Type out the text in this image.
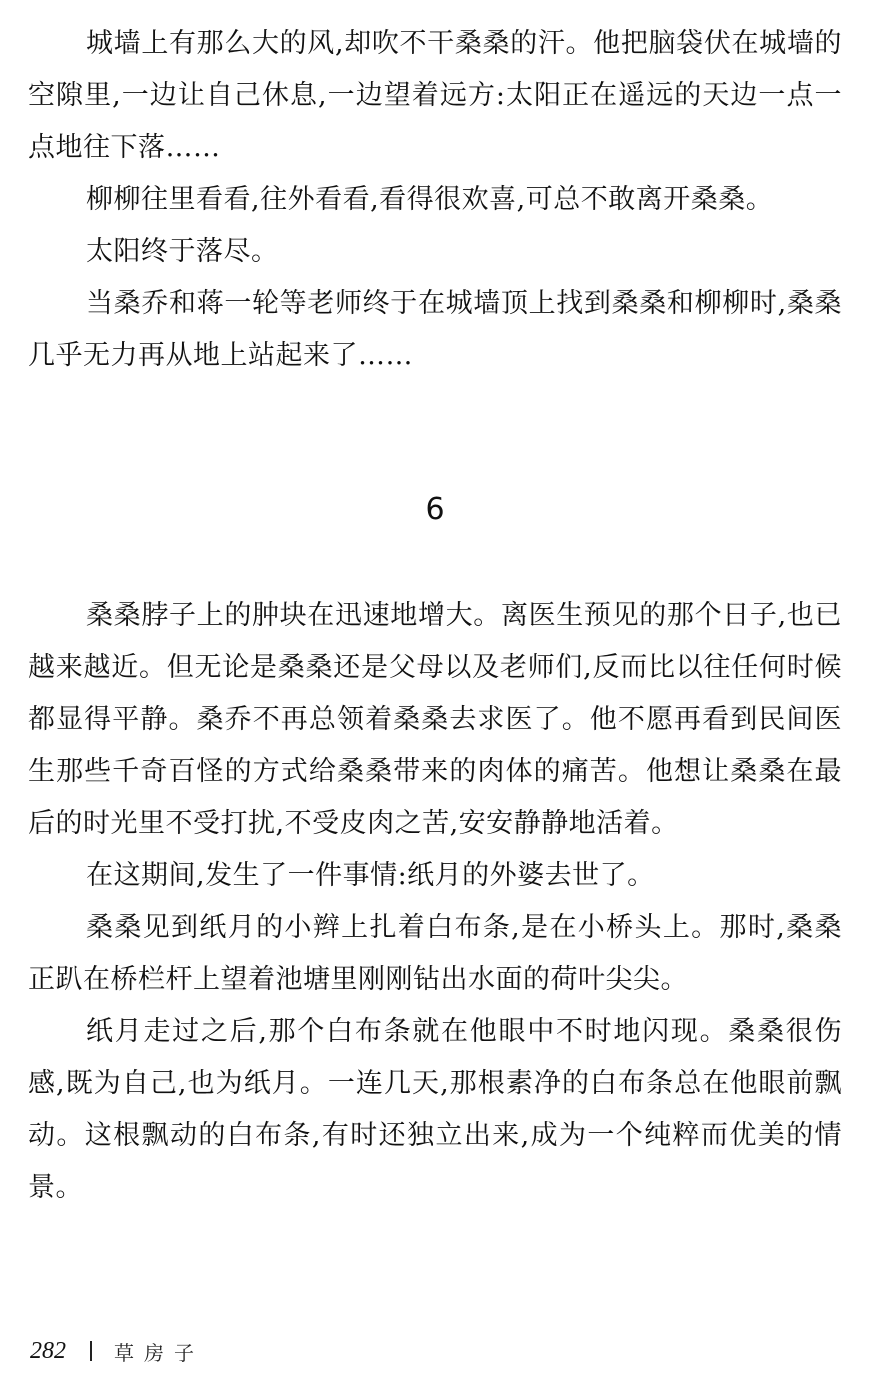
城墙上有那么大的风,却吹不干桑桑的汗。他把脑袋伏在城墙的空隙里,一边让自己休息,一边望着远方:太阳正在遥远的天边一点一点地往下落……

柳柳往里看看,往外看看,看得很欢喜,可总不敢离开桑桑。

太阳终于落尽。

当桑乔和蒋一轮等老师终于在城墙顶上找到桑桑和柳柳时,桑桑几乎无力再从地上站起来了……

6

桑桑脖子上的肿块在迅速地增大。离医生预见的那个日子,也已越来越近。但无论是桑桑还是父母以及老师们,反而比以往任何时候都显得平静。桑乔不再总领着桑桑去求医了。他不愿再看到民间医生那些千奇百怪的方式给桑桑带来的肉体的痛苦。他想让桑桑在最后的时光里不受打扰,不受皮肉之苦,安安静静地活着。

在这期间,发生了一件事情:纸月的外婆去世了。

桑桑见到纸月的小辫上扎着白布条,是在小桥头上。那时,桑桑正趴在桥栏杆上望着池塘里刚刚钻出水面的荷叶尖尖。

纸月走过之后,那个白布条就在他眼中不时地闪现。桑桑很伤感,既为自己,也为纸月。一连几天,那根素净的白布条总在他眼前飘动。这根飘动的白布条,有时还独立出来,成为一个纯粹而优美的情景。

282 草房子
